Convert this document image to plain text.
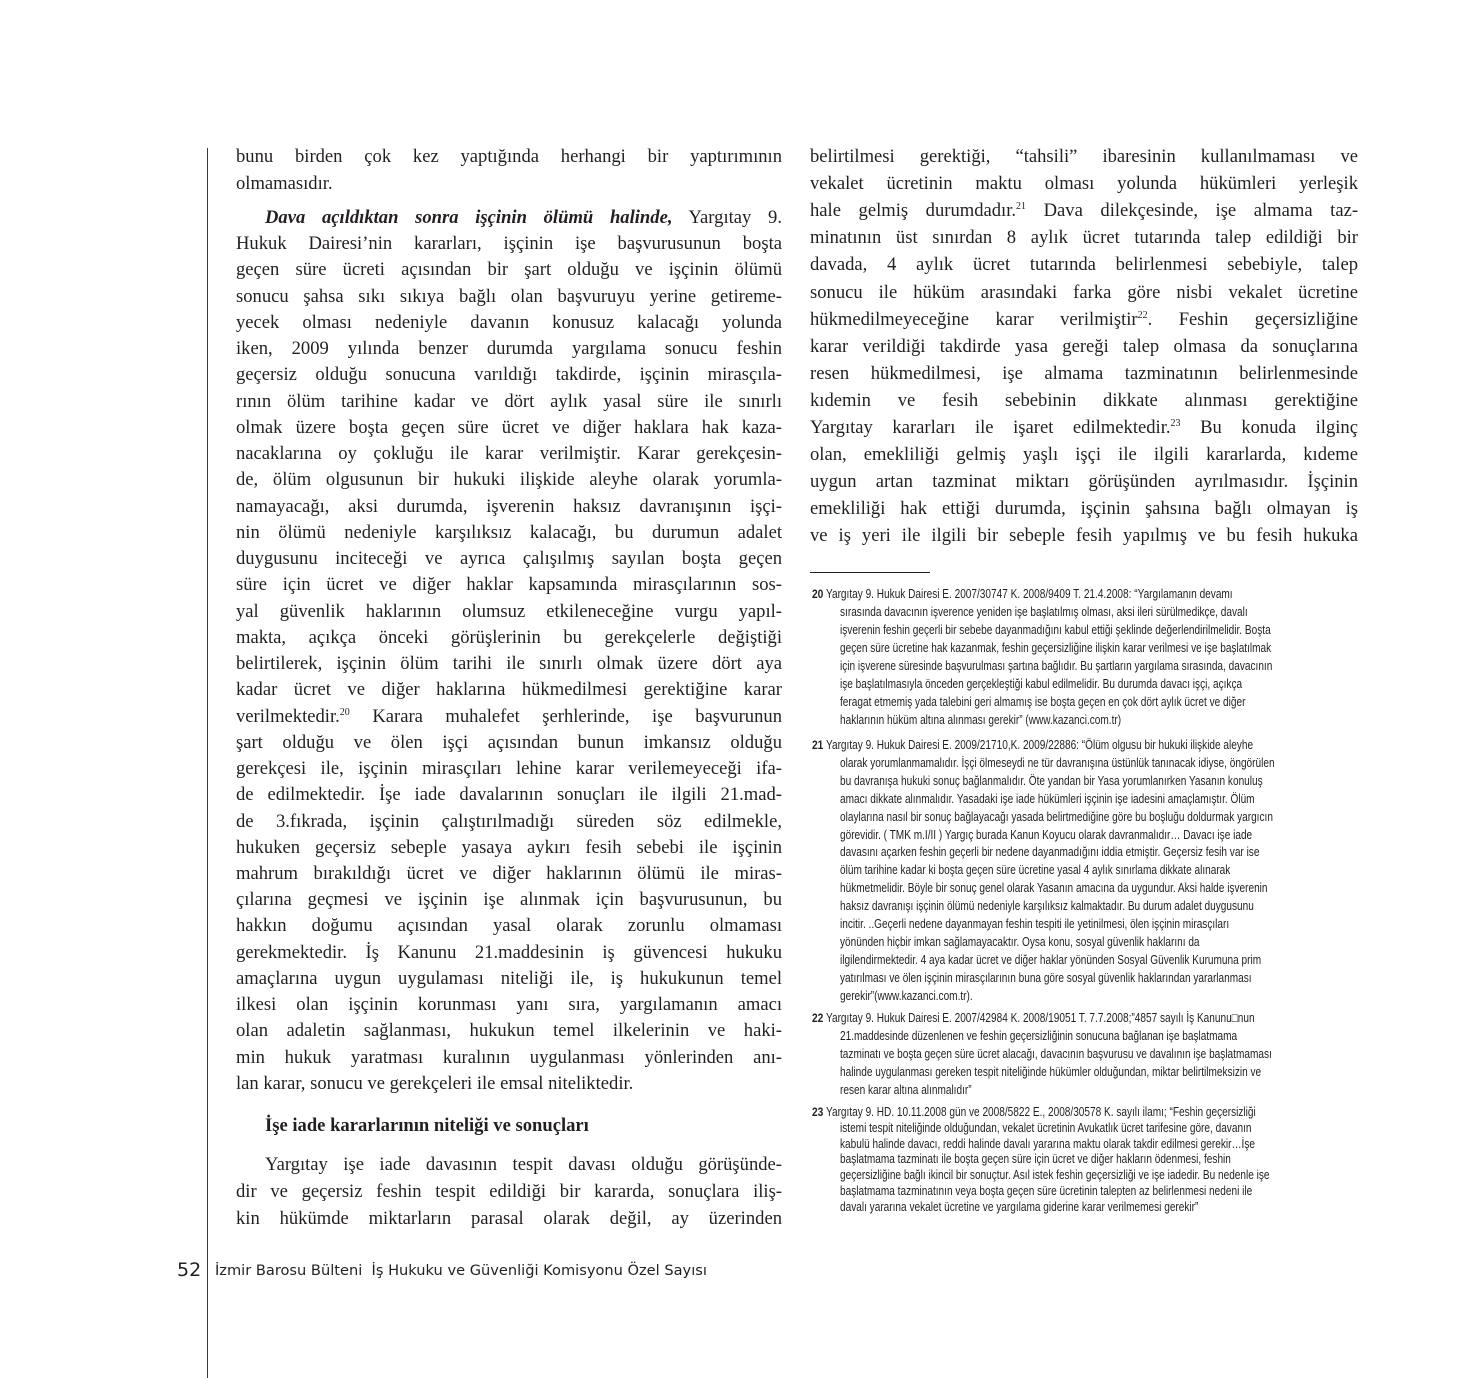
bunu birden çok kez yaptığında herhangi bir yaptırımının
olmamasıdır.
Dava açıldıktan sonra işçinin ölümü halinde, Yargıtay 9.
Hukuk Dairesi’nin kararları, işçinin işe başvurusunun boşta
geçen süre ücreti açısından bir şart olduğu ve işçinin ölümü
sonucu şahsa sıkı sıkıya bağlı olan başvuruyu yerine getireme-
yecek olması nedeniyle davanın konusuz kalacağı yolunda
iken, 2009 yılında benzer durumda yargılama sonucu feshin
geçersiz olduğu sonucuna varıldığı takdirde, işçinin mirasçıla-
rının ölüm tarihine kadar ve dört aylık yasal süre ile sınırlı
olmak üzere boşta geçen süre ücret ve diğer haklara hak kaza-
nacaklarına oy çokluğu ile karar verilmiştir. Karar gerekçesin-
de, ölüm olgusunun bir hukuki ilişkide aleyhe olarak yorumla-
namayacağı, aksi durumda, işverenin haksız davranışının işçi-
nin ölümü nedeniyle karşılıksız kalacağı, bu durumun adalet
duygusunu inciteceği ve ayrıca çalışılmış sayılan boşta geçen
süre için ücret ve diğer haklar kapsamında mirasçılarının sos-
yal güvenlik haklarının olumsuz etkileneceğine vurgu yapıl-
makta, açıkça önceki görüşlerinin bu gerekçelerle değiştiği
belirtilerek, işçinin ölüm tarihi ile sınırlı olmak üzere dört aya
kadar ücret ve diğer haklarına hükmedilmesi gerektiğine karar
verilmektedir.$^{20}$ Karara muhalefet şerhlerinde, işe başvurunun
şart olduğu ve ölen işçi açısından bunun imkansız olduğu
gerekçesi ile, işçinin mirasçıları lehine karar verilemeyeceği ifa-
de edilmektedir. İşe iade davalarının sonuçları ile ilgili 21.mad-
de 3.fıkrada, işçinin çalıştırılmadığı süreden söz edilmekle,
hukuken geçersiz sebeple yasaya aykırı fesih sebebi ile işçinin
mahrum bırakıldığı ücret ve diğer haklarının ölümü ile miras-
çılarına geçmesi ve işçinin işe alınmak için başvurusunun, bu
hakkın doğumu açısından yasal olarak zorunlu olmaması
gerekmektedir. İş Kanunu 21.maddesinin iş güvencesi hukuku
amaçlarına uygun uygulaması niteliği ile, iş hukukunun temel
ilkesi olan işçinin korunması yanı sıra, yargılamanın amacı
olan adaletin sağlanması, hukukun temel ilkelerinin ve haki-
min hukuk yaratması kuralının uygulanması yönlerinden anı-
lan karar, sonucu ve gerekçeleri ile emsal niteliktedir.
İşe iade kararlarının niteliği ve sonuçları
Yargıtay işe iade davasının tespit davası olduğu görüşünde-
dir ve geçersiz feshin tespit edildiği bir kararda, sonuçlara iliş-
kin hükümde miktarların parasal olarak değil, ay üzerinden
belirtilmesi gerektiği, “tahsili” ibaresinin kullanılmaması ve
vekalet ücretinin maktu olması yolunda hükümleri yerleşik
hale gelmiş durumdadır.$^{21}$ Dava dilekçesinde, işe almama taz-
minatının üst sınırdan 8 aylık ücret tutarında talep edildiği bir
davada, 4 aylık ücret tutarında belirlenmesi sebebiyle, talep
sonucu ile hüküm arasındaki farka göre nisbi vekalet ücretine
hükmedilmeyeceğine karar verilmiştir$^{22}$. Feshin geçersizliğine
karar verildiği takdirde yasa gereği talep olmasa da sonuçlarına
resen hükmedilmesi, işe almama tazminatının belirlenmesinde
kıdemin ve fesih sebebinin dikkate alınması gerektiğine
Yargıtay kararları ile işaret edilmektedir.$^{23}$ Bu konuda ilginç
olan, emekliliği gelmiş yaşlı işçi ile ilgili kararlarda, kıdeme
uygun artan tazminat miktarı görüşünden ayrılmasıdır. İşçinin
emekliliği hak ettiği durumda, işçinin şahsına bağlı olmayan iş
ve iş yeri ile ilgili bir sebeple fesih yapılmış ve bu fesih hukuka
20 Yargıtay 9. Hukuk Dairesi E. 2007/30747 K. 2008/9409 T. 21.4.2008: “Yargılamanın devamı
sırasında davacının işverence yeniden işe başlatılmış olması, aksi ileri sürülmedikçe, davalı
işverenin feshin geçerli bir sebebe dayanmadığını kabul ettiği şeklinde değerlendirilmelidir. Boşta
geçen süre ücretine hak kazanmak, feshin geçersizliğine ilişkin karar verilmesi ve işe başlatılmak
için işverene süresinde başvurulması şartına bağlıdır. Bu şartların yargılama sırasında, davacının
işe başlatılmasıyla önceden gerçekleştiği kabul edilmelidir. Bu durumda davacı işçi, açıkça
feragat etmemiş yada talebini geri almamış ise boşta geçen en çok dört aylık ücret ve diğer
haklarının hüküm altına alınması gerekir” (www.kazanci.com.tr)
21 Yargıtay 9. Hukuk Dairesi E. 2009/21710,K. 2009/22886: “Ölüm olgusu bir hukuki ilişkide aleyhe
olarak yorumlanmamalıdır. İşçi ölmeseydi ne tür davranışına üstünlük tanınacak idiyse, öngörülen
bu davranışa hukuki sonuç bağlanmalıdır. Öte yandan bir Yasa yorumlanırken Yasanın konuluş
amacı dikkate alınmalıdır. Yasadaki işe iade hükümleri işçinin işe iadesini amaçlamıştır. Ölüm
olaylarına nasıl bir sonuç bağlayacağı yasada belirtmediğine göre bu boşluğu doldurmak yargıcın
görevidir. ( TMK m.I/II ) Yargıç burada Kanun Koyucu olarak davranmalıdır… Davacı işe iade
davasını açarken feshin geçerli bir nedene dayanmadığını iddia etmiştir. Geçersiz fesih var ise
ölüm tarihine kadar ki boşta geçen süre ücretine yasal 4 aylık sınırlama dikkate alınarak
hükmetmelidir. Böyle bir sonuç genel olarak Yasanın amacına da uygundur. Aksi halde işverenin
haksız davranışı işçinin ölümü nedeniyle karşılıksız kalmaktadır. Bu durum adalet duygusunu
incitir. ..Geçerli nedene dayanmayan feshin tespiti ile yetinilmesi, ölen işçinin mirasçıları
yönünden hiçbir imkan sağlamayacaktır. Oysa konu, sosyal güvenlik haklarını da
ilgilendirmektedir. 4 aya kadar ücret ve diğer haklar yönünden Sosyal Güvenlik Kurumuna prim
yatırılması ve ölen işçinin mirasçılarının buna göre sosyal güvenlik haklarından yararlanması
gerekir”(www.kazanci.com.tr).
22 Yargıtay 9. Hukuk Dairesi E. 2007/42984 K. 2008/19051 T. 7.7.2008;”4857 sayılı İş Kanunu□nun
21.maddesinde düzenlenen ve feshin geçersizliğinin sonucuna bağlanan işe başlatmama
tazminatı ve boşta geçen süre ücret alacağı, davacının başvurusu ve davalının işe başlatmaması
halinde uygulanması gereken tespit niteliğinde hükümler olduğundan, miktar belirtilmeksizin ve
resen karar altına alınmalıdır”
23 Yargıtay 9. HD. 10.11.2008 gün ve 2008/5822 E., 2008/30578 K. sayılı ilamı; “Feshin geçersizliği
istemi tespit niteliğinde olduğundan, vekalet ücretinin Avukatlık ücret tarifesine göre, davanın
kabulü halinde davacı, reddi halinde davalı yararına maktu olarak takdir edilmesi gerekir…İşe
başlatmama tazminatı ile boşta geçen süre için ücret ve diğer hakların ödenmesi, feshin
geçersizliğine bağlı ikincil bir sonuçtur. Asıl istek feshin geçersizliği ve işe iadedir. Bu nedenle işe
başlatmama tazminatının veya boşta geçen süre ücretinin talepten az belirlenmesi nedeni ile
davalı yararına vekalet ücretine ve yargılama giderine karar verilmemesi gerekir”
52 İzmir Barosu Bülteni  İş Hukuku ve Güvenliği Komisyonu Özel Sayısı
